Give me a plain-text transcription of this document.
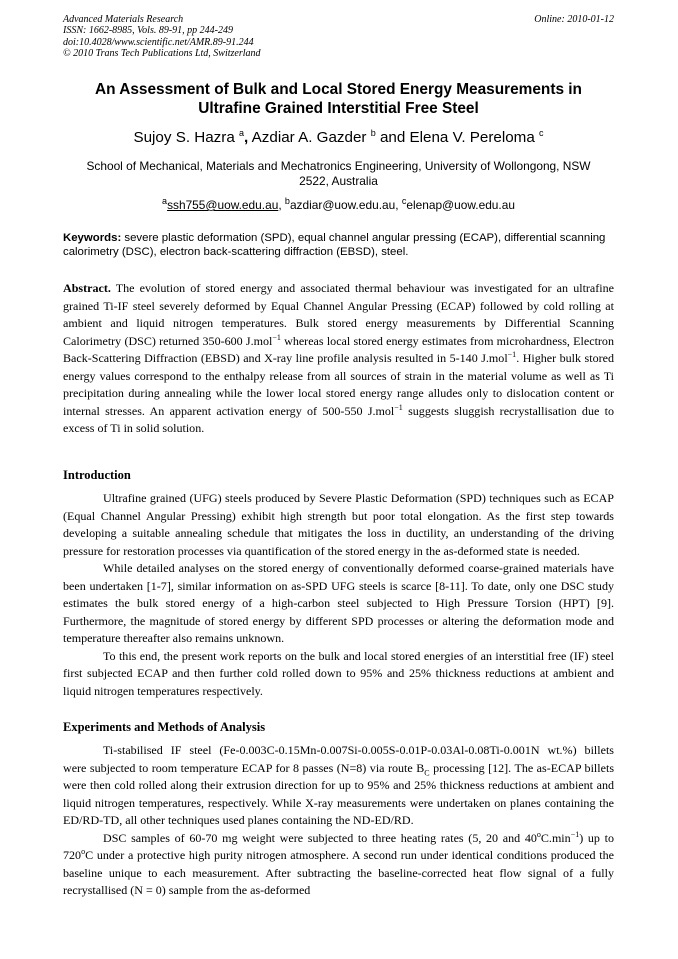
Advanced Materials Research
ISSN: 1662-8985, Vols. 89-91, pp 244-249
doi:10.4028/www.scientific.net/AMR.89-91.244
© 2010 Trans Tech Publications Ltd, Switzerland
Online: 2010-01-12
An Assessment of Bulk and Local Stored Energy Measurements in
Ultrafine Grained Interstitial Free Steel
Sujoy S. Hazra $^a$, Azdiar A. Gazder $^b$ and Elena V. Pereloma $^c$
School of Mechanical, Materials and Mechatronics Engineering, University of Wollongong, NSW
2522, Australia
$^a$ssh755@uow.edu.au, $^b$azdiar@uow.edu.au, $^c$elenap@uow.edu.au
Keywords: severe plastic deformation (SPD), equal channel angular pressing (ECAP), differential scanning calorimetry (DSC), electron back-scattering diffraction (EBSD), steel.

Abstract. The evolution of stored energy and associated thermal behaviour was investigated for an ultrafine grained Ti-IF steel severely deformed by Equal Channel Angular Pressing (ECAP) followed by cold rolling at ambient and liquid nitrogen temperatures. Bulk stored energy measurements by Differential Scanning Calorimetry (DSC) returned 350-600 J.mol$^{-1}$ whereas local stored energy estimates from microhardness, Electron Back-Scattering Diffraction (EBSD) and X-ray line profile analysis resulted in 5-140 J.mol$^{-1}$. Higher bulk stored energy values correspond to the enthalpy release from all sources of strain in the material volume as well as Ti precipitation during annealing while the lower local stored energy range alludes only to dislocation content or internal stresses. An apparent activation energy of 500-550 J.mol$^{-1}$ suggests sluggish recrystallisation due to excess of Ti in solid solution.

Introduction

Ultrafine grained (UFG) steels produced by Severe Plastic Deformation (SPD) techniques such as ECAP (Equal Channel Angular Pressing) exhibit high strength but poor total elongation. As the first step towards developing a suitable annealing schedule that mitigates the loss in ductility, an understanding of the driving pressure for restoration processes via quantification of the stored energy in the as-deformed state is needed.

While detailed analyses on the stored energy of conventionally deformed coarse-grained materials have been undertaken [1-7], similar information on as-SPD UFG steels is scarce [8-11]. To date, only one DSC study estimates the bulk stored energy of a high-carbon steel subjected to High Pressure Torsion (HPT) [9]. Furthermore, the magnitude of stored energy by different SPD processes or altering the deformation mode and temperature thereafter also remains unknown.

To this end, the present work reports on the bulk and local stored energies of an interstitial free (IF) steel first subjected ECAP and then further cold rolled down to 95% and 25% thickness reductions at ambient and liquid nitrogen temperatures respectively.

Experiments and Methods of Analysis

Ti-stabilised IF steel (Fe-0.003C-0.15Mn-0.007Si-0.005S-0.01P-0.03Al-0.08Ti-0.001N wt.%) billets were subjected to room temperature ECAP for 8 passes (N=8) via route $B_C$ processing [12]. The as-ECAP billets were then cold rolled along their extrusion direction for up to 95% and 25% thickness reductions at ambient and liquid nitrogen temperatures, respectively. While X-ray measurements were undertaken on planes containing the ED/RD-TD, all other techniques used planes containing the ND-ED/RD.

DSC samples of 60-70 mg weight were subjected to three heating rates (5, 20 and $40^oC.\min^{-1}$) up to 720$^o$C under a protective high purity nitrogen atmosphere. A second run under identical conditions produced the baseline unique to each measurement. After subtracting the baseline-corrected heat flow signal of a fully recrystallised (N = 0) sample from the as-deformed
